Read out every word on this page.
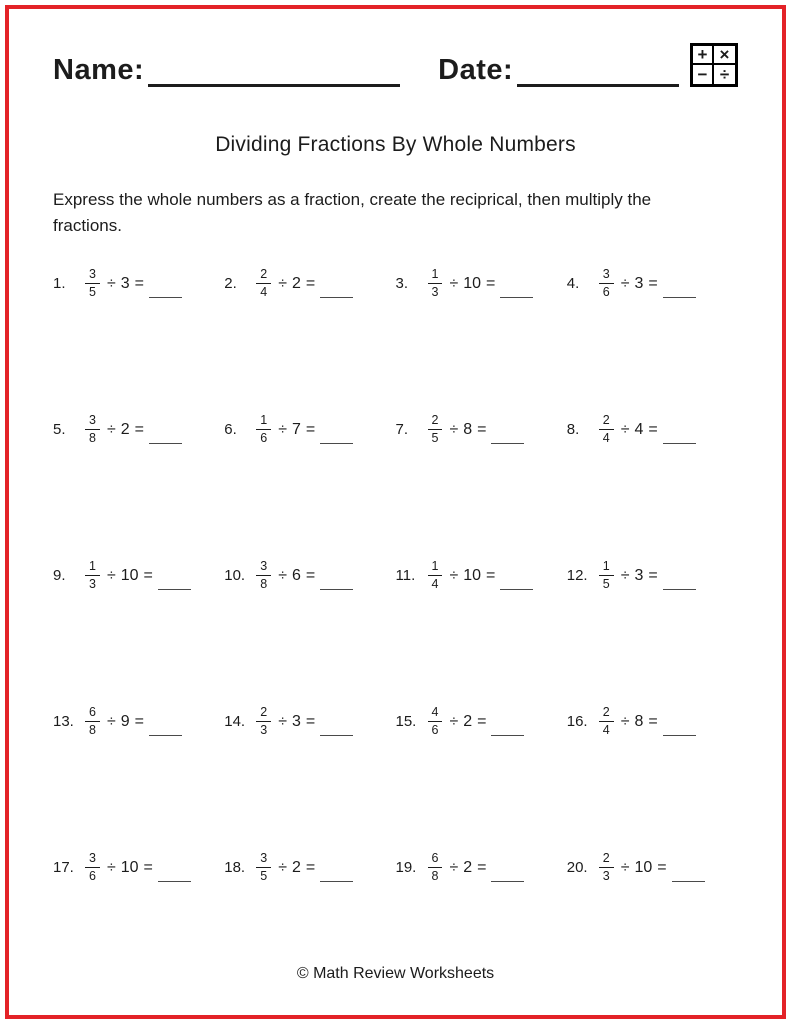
Name:	Date:	+ ×
− ÷
Dividing Fractions By Whole Numbers
Express the whole numbers as a fraction, create the reciprical, then multiply the fractions.
1.	$\frac{3}{5} \div 3$ =	2.	$\frac{2}{4} \div 2$ =	3.	$\frac{1}{3} \div 10$ =	4.	$\frac{3}{6} \div 3$ =
5.	$\frac{3}{8} \div 2$ =	6.	$\frac{1}{6} \div 7$ =	7.	$\frac{2}{5} \div 8$ =	8.	$\frac{2}{4} \div 4$ =
9.	$\frac{1}{3} \div 10$ =	10. $\frac{3}{8} \div 6$ =	11. $\frac{1}{4} \div 10$ =	12. $\frac{1}{5} \div 3$ =
13. $\frac{6}{8} \div 9$ =	14. $\frac{2}{3} \div 3$ =	15. $\frac{4}{6} \div 2$ =	16. $\frac{2}{4} \div 8$ =
17. $\frac{3}{6} \div 10$ =	18. $\frac{3}{5} \div 2$ =	19. $\frac{6}{8} \div 2$ =	20. $\frac{2}{3} \div 10$ =
© Math Review Worksheets
